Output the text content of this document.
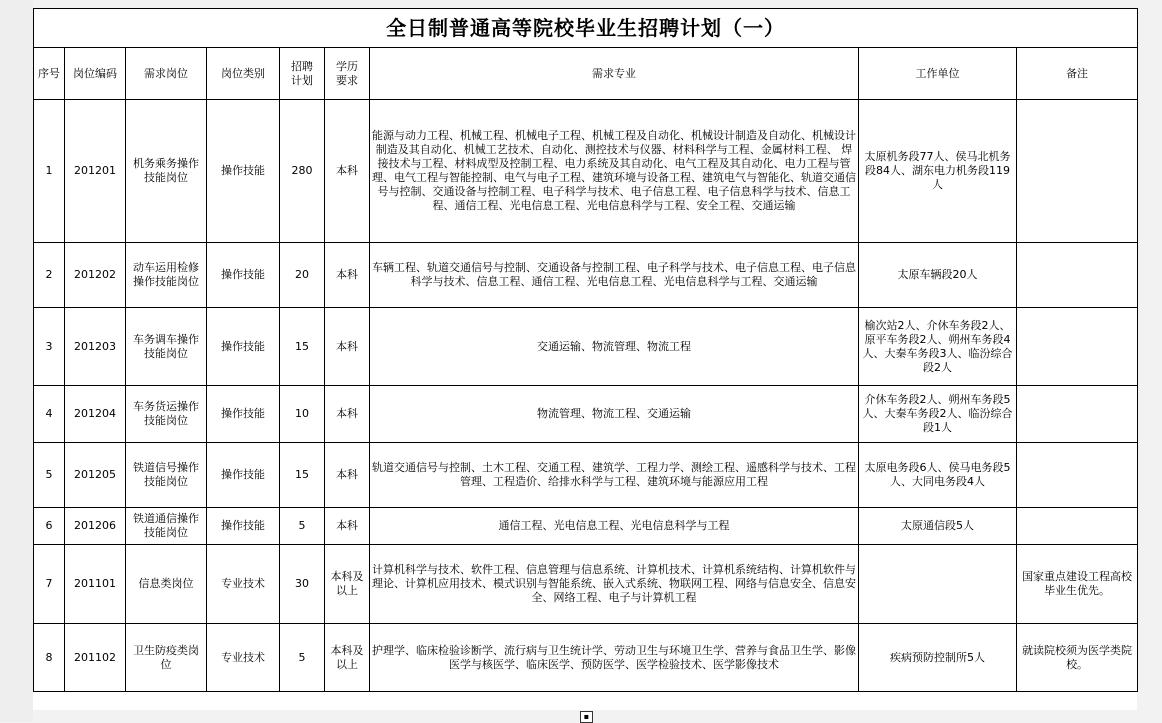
全日制普通高等院校毕业生招聘计划（一）								
序号	岗位编码	需求岗位	岗位类别	招聘计划	学历要求	需求专业	工作单位	备注
1	201201	机务乘务操作技能岗位	操作技能	280	本科	能源与动力工程、机械工程、机械电子工程、机械工程及自动化、机械设计制造及自动化、机械设计制造及其自动化、机械工艺技术、自动化、测控技术与仪器、材料科学与工程、金属材料工程、 焊接技术与工程、材料成型及控制工程、电力系统及其自动化、电气工程及其自动化、电力工程与管理、电气工程与智能控制、电气与电子工程、建筑环境与设备工程、建筑电气与智能化、轨道交通信号与控制、交通设备与控制工程、电子科学与技术、电子信息工程、电子信息科学与技术、信息工程、通信工程、光电信息工程、光电信息科学与工程、安全工程、交通运输	太原机务段77人、侯马北机务段84人、湖东电力机务段119人	
2	201202	动车运用检修操作技能岗位	操作技能	20	本科	车辆工程、轨道交通信号与控制、交通设备与控制工程、电子科学与技术、电子信息工程、电子信息科学与技术、信息工程、通信工程、光电信息工程、光电信息科学与工程、交通运输	太原车辆段20人	
3	201203	车务调车操作技能岗位	操作技能	15	本科	交通运输、物流管理、物流工程	榆次站2人、介休车务段2人、原平车务段2人、朔州车务段4人、大秦车务段3人、临汾综合段2人	
4	201204	车务货运操作技能岗位	操作技能	10	本科	物流管理、物流工程、交通运输	介休车务段2人、朔州车务段5人、大秦车务段2人、临汾综合段1人	
5	201205	铁道信号操作技能岗位	操作技能	15	本科	轨道交通信号与控制、土木工程、交通工程、建筑学、工程力学、测绘工程、遥感科学与技术、工程管理、工程造价、给排水科学与工程、建筑环境与能源应用工程	太原电务段6人、侯马电务段5人、大同电务段4人	
6	201206	铁道通信操作技能岗位	操作技能	5	本科	通信工程、光电信息工程、光电信息科学与工程	太原通信段5人	
7	201101	信息类岗位	专业技术	30	本科及以上	计算机科学与技术、软件工程、信息管理与信息系统、计算机技术、计算机系统结构、计算机软件与理论、计算机应用技术、模式识别与智能系统、嵌入式系统、物联网工程、网络与信息安全、信息安全、网络工程、电子与计算机工程		国家重点建设工程高校毕业生优先。
8	201102	卫生防疫类岗位	专业技术	5	本科及以上	护理学、临床检验诊断学、流行病与卫生统计学、劳动卫生与环境卫生学、营养与食品卫生学、影像医学与核医学、临床医学、预防医学、医学检验技术、医学影像技术	疾病预防控制所5人	就读院校须为医学类院校。
▪
